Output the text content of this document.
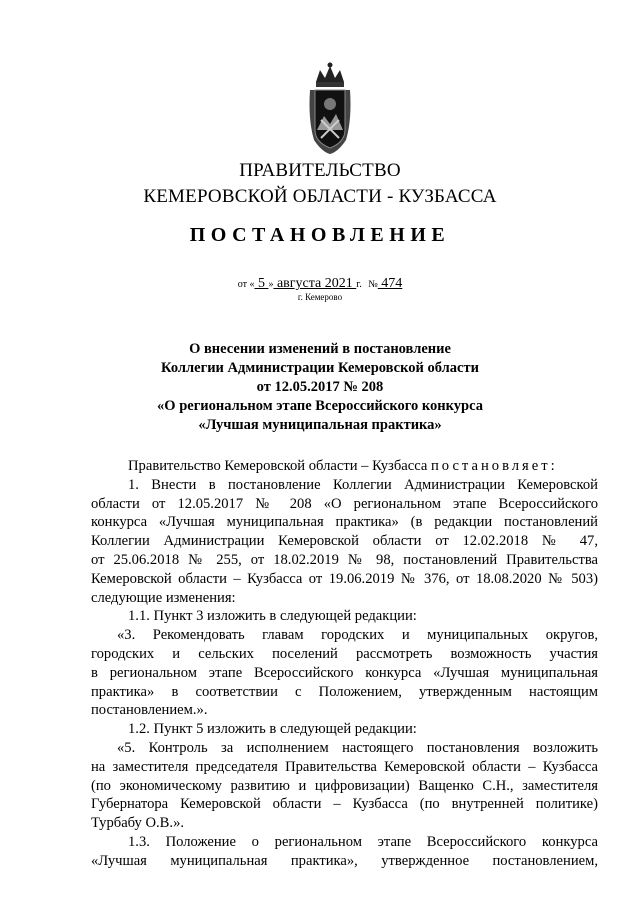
ПРАВИТЕЛЬСТВО
КЕМЕРОВСКОЙ ОБЛАСТИ - КУЗБАССА
ПОСТАНОВЛЕНИЕ
от « 5 » августа 2021 г. № 474
г. Кемерово
О внесении изменений в постановление
Коллегии Администрации Кемеровской области
от 12.05.2017 № 208
«О региональном этапе Всероссийского конкурса
«Лучшая муниципальная практика»

Правительство Кемеровской области – Кузбасса постановляет:

1. Внести в постановление Коллегии Администрации Кемеровской

области от 12.05.2017 № 208 «О региональном этапе Всероссийского

конкурса «Лучшая муниципальная практика» (в редакции постановлений

Коллегии Администрации Кемеровской области от 12.02.2018 № 47,

от 25.06.2018 № 255, от 18.02.2019 № 98, постановлений Правительства

Кемеровской области – Кузбасса от 19.06.2019 № 376, от 18.08.2020 № 503)

следующие изменения:

1.1. Пункт 3 изложить в следующей редакции:

«3. Рекомендовать главам городских и муниципальных округов,

городских и сельских поселений рассмотреть возможность участия

в региональном этапе Всероссийского конкурса «Лучшая муниципальная

практика» в соответствии с Положением, утвержденным настоящим

постановлением.».

1.2. Пункт 5 изложить в следующей редакции:

«5. Контроль за исполнением настоящего постановления возложить

на заместителя председателя Правительства Кемеровской области – Кузбасса

(по экономическому развитию и цифровизации) Ващенко С.Н., заместителя

Губернатора Кемеровской области – Кузбасса (по внутренней политике)

Турбабу О.В.».

1.3. Положение о региональном этапе Всероссийского конкурса

«Лучшая муниципальная практика», утвержденное постановлением,
